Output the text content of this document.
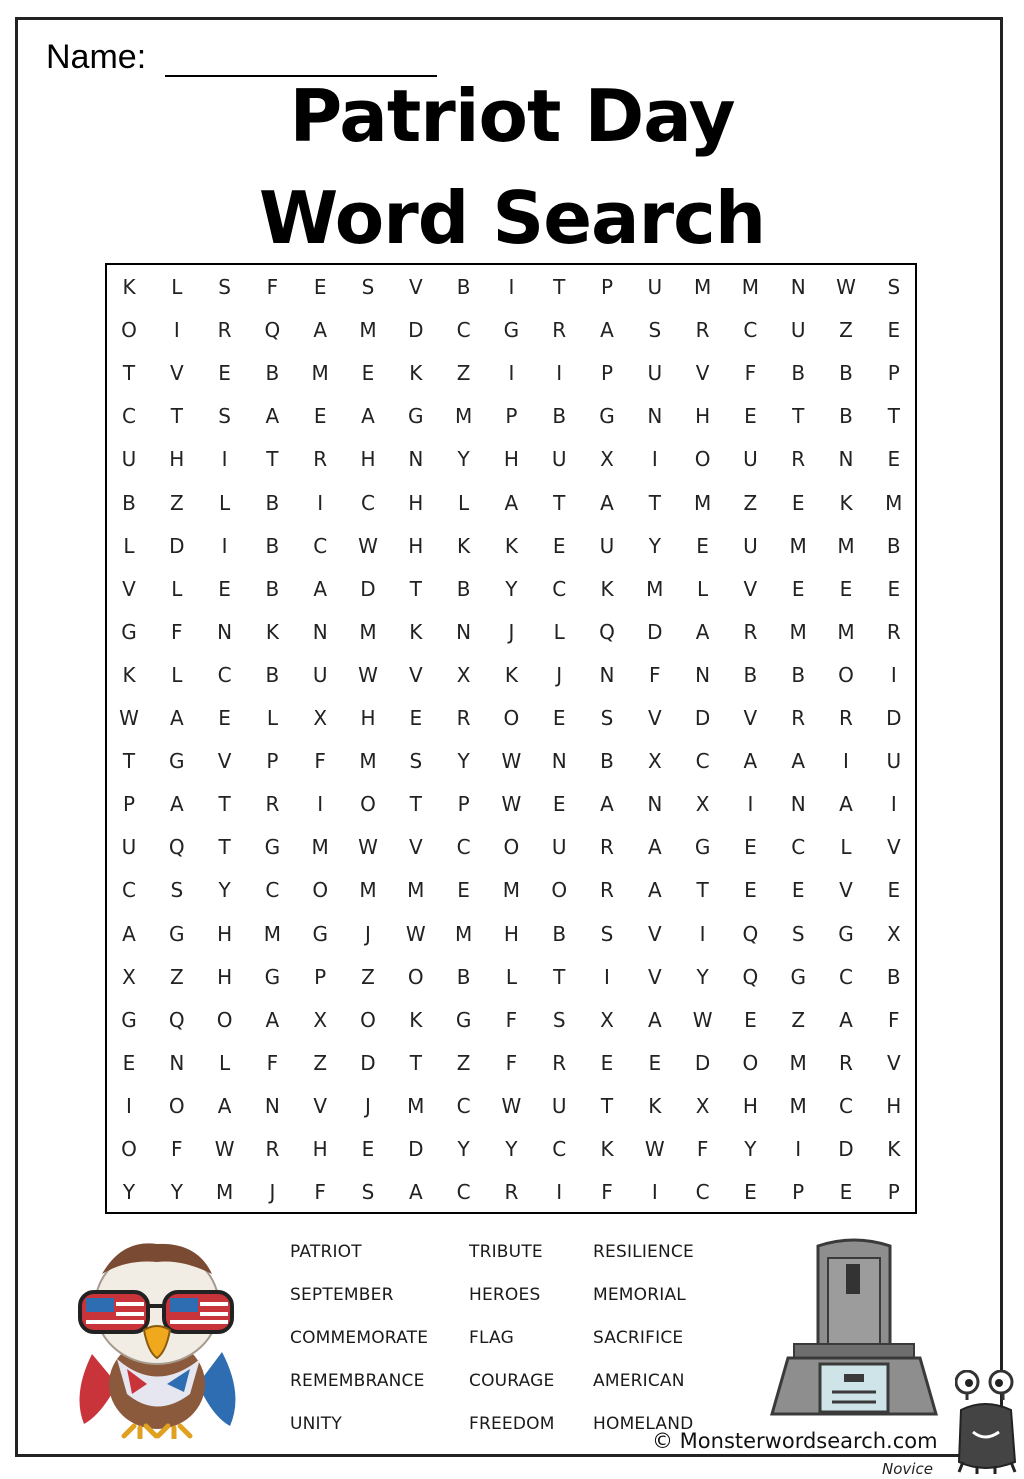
Name:
Patriot Day
Word Search
K	L	S	F	E	S	V	B	I	T	P	U	M	M	N	W	S
O	I	R	Q	A	M	D	C	G	R	A	S	R	C	U	Z	E
T	V	E	B	M	E	K	Z	I	I	P	U	V	F	B	B	P
C	T	S	A	E	A	G	M	P	B	G	N	H	E	T	B	T
U	H	I	T	R	H	N	Y	H	U	X	I	O	U	R	N	E
B	Z	L	B	I	C	H	L	A	T	A	T	M	Z	E	K	M
L	D	I	B	C	W	H	K	K	E	U	Y	E	U	M	M	B
V	L	E	B	A	D	T	B	Y	C	K	M	L	V	E	E	E
G	F	N	K	N	M	K	N	J	L	Q	D	A	R	M	M	R
K	L	C	B	U	W	V	X	K	J	N	F	N	B	B	O	I
W	A	E	L	X	H	E	R	O	E	S	V	D	V	R	R	D
T	G	V	P	F	M	S	Y	W	N	B	X	C	A	A	I	U
P	A	T	R	I	O	T	P	W	E	A	N	X	I	N	A	I
U	Q	T	G	M	W	V	C	O	U	R	A	G	E	C	L	V
C	S	Y	C	O	M	M	E	M	O	R	A	T	E	E	V	E
A	G	H	M	G	J	W	M	H	B	S	V	I	Q	S	G	X
X	Z	H	G	P	Z	O	B	L	T	I	V	Y	Q	G	C	B
G	Q	O	A	X	O	K	G	F	S	X	A	W	E	Z	A	F
E	N	L	F	Z	D	T	Z	F	R	E	E	D	O	M	R	V
I	O	A	N	V	J	M	C	W	U	T	K	X	H	M	C	H
O	F	W	R	H	E	D	Y	Y	C	K	W	F	Y	I	D	K
Y	Y	M	J	F	S	A	C	R	I	F	I	C	E	P	E	P
PATRIOT
SEPTEMBER
COMMEMORATE
REMEMBRANCE
UNITY
TRIBUTE
HEROES
FLAG
COURAGE
FREEDOM
RESILIENCE
MEMORIAL
SACRIFICE
AMERICAN
HOMELAND
© Monsterwordsearch.com
Novice
